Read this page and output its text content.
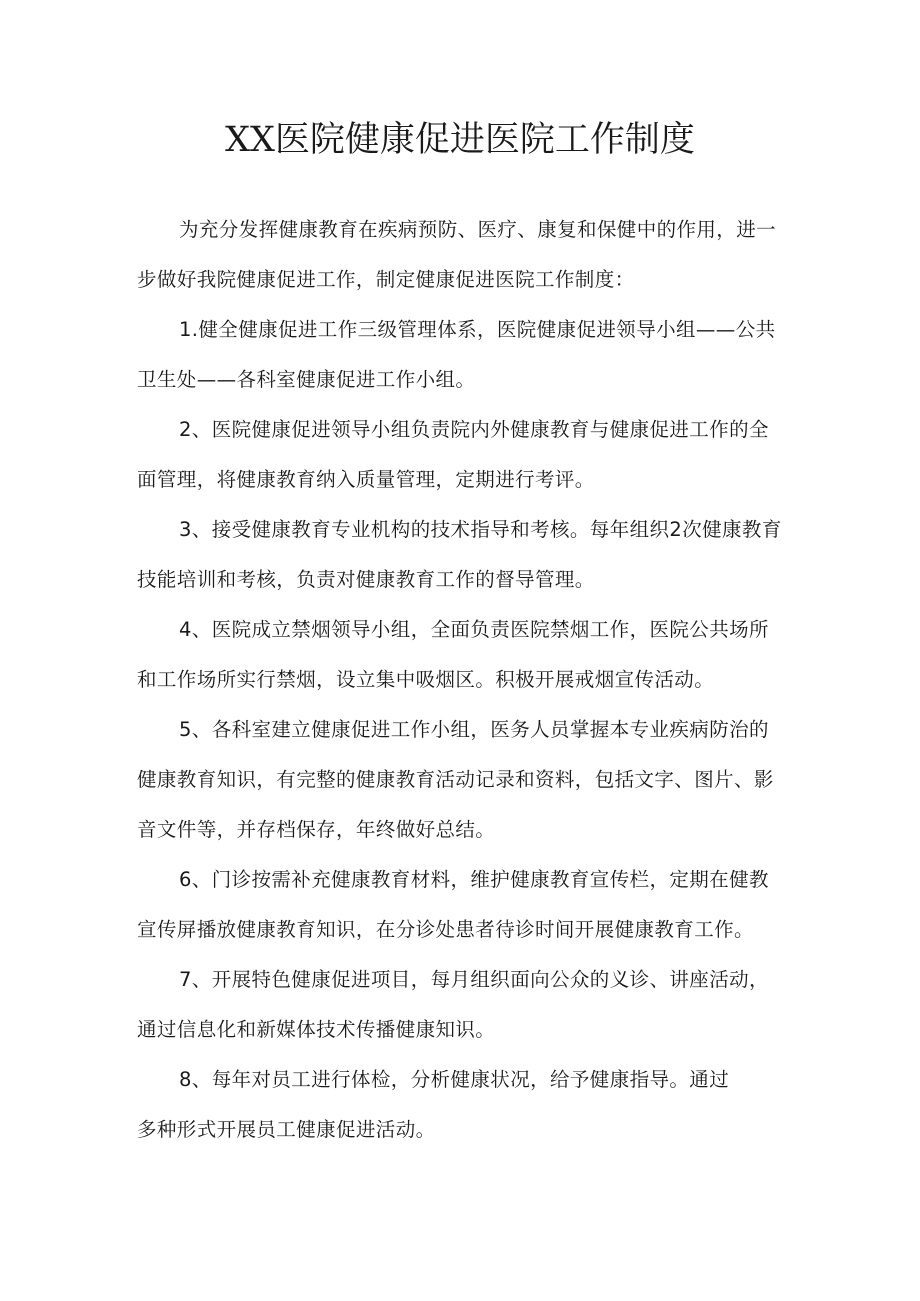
XX医院健康促进医院工作制度

为充分发挥健康教育在疾病预防、医疗、康复和保健中的作用，进一步做好我院健康促进工作，制定健康促进医院工作制度：

1.健全健康促进工作三级管理体系，医院健康促进领导小组——公共卫生处——各科室健康促进工作小组。

2、医院健康促进领导小组负责院内外健康教育与健康促进工作的全面管理，将健康教育纳入质量管理，定期进行考评。

3、接受健康教育专业机构的技术指导和考核。每年组织2次健康教育技能培训和考核，负责对健康教育工作的督导管理。

4、医院成立禁烟领导小组，全面负责医院禁烟工作，医院公共场所和工作场所实行禁烟，设立集中吸烟区。积极开展戒烟宣传活动。

5、各科室建立健康促进工作小组，医务人员掌握本专业疾病防治的健康教育知识，有完整的健康教育活动记录和资料，包括文字、图片、影音文件等，并存档保存，年终做好总结。

6、门诊按需补充健康教育材料，维护健康教育宣传栏，定期在健教宣传屏播放健康教育知识，在分诊处患者待诊时间开展健康教育工作。

7、开展特色健康促进项目，每月组织面向公众的义诊、讲座活动，通过信息化和新媒体技术传播健康知识。

8、每年对员工进行体检，分析健康状况，给予健康指导。通过

多种形式开展员工健康促进活动。
